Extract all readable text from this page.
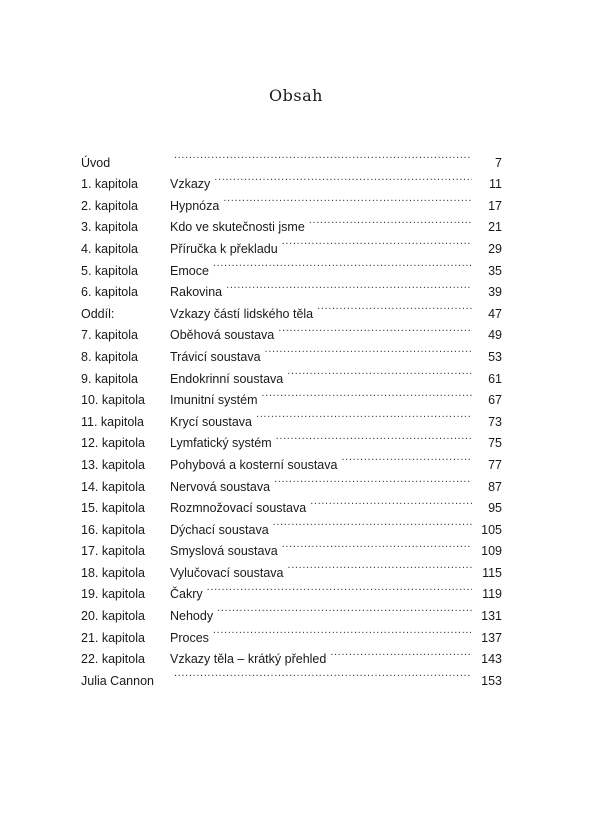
Obsah
Úvod . . .	7
1. kapitola	Vzkazy . . .	11
2. kapitola	Hypnóza . . .	17
3. kapitola	Kdo ve skutečnosti jsme . . .	21
4. kapitola	Příručka k překladu . . .	29
5. kapitola	Emoce . . .	35
6. kapitola	Rakovina . . .	39
Oddíl:	Vzkazy částí lidského těla . . .	47
7. kapitola	Oběhová soustava . . .	49
8. kapitola	Trávicí soustava . . .	53
9. kapitola	Endokrinní soustava . . .	61
10. kapitola	Imunitní systém . . .	67
11. kapitola	Krycí soustava . . .	73
12. kapitola	Lymfatický systém . . .	75
13. kapitola	Pohybová a kosterní soustava . . .	77
14. kapitola	Nervová soustava . . .	87
15. kapitola	Rozmnožovací soustava . . .	95
16. kapitola	Dýchací soustava . . .	105
17. kapitola	Smyslová soustava . . .	109
18. kapitola	Vylučovací soustava . . .	115
19. kapitola	Čakry . . .	119
20. kapitola	Nehody . . .	131
21. kapitola	Proces . . .	137
22. kapitola	Vzkazy těla – krátký přehled . . .	143
Julia Cannon . . .	153
